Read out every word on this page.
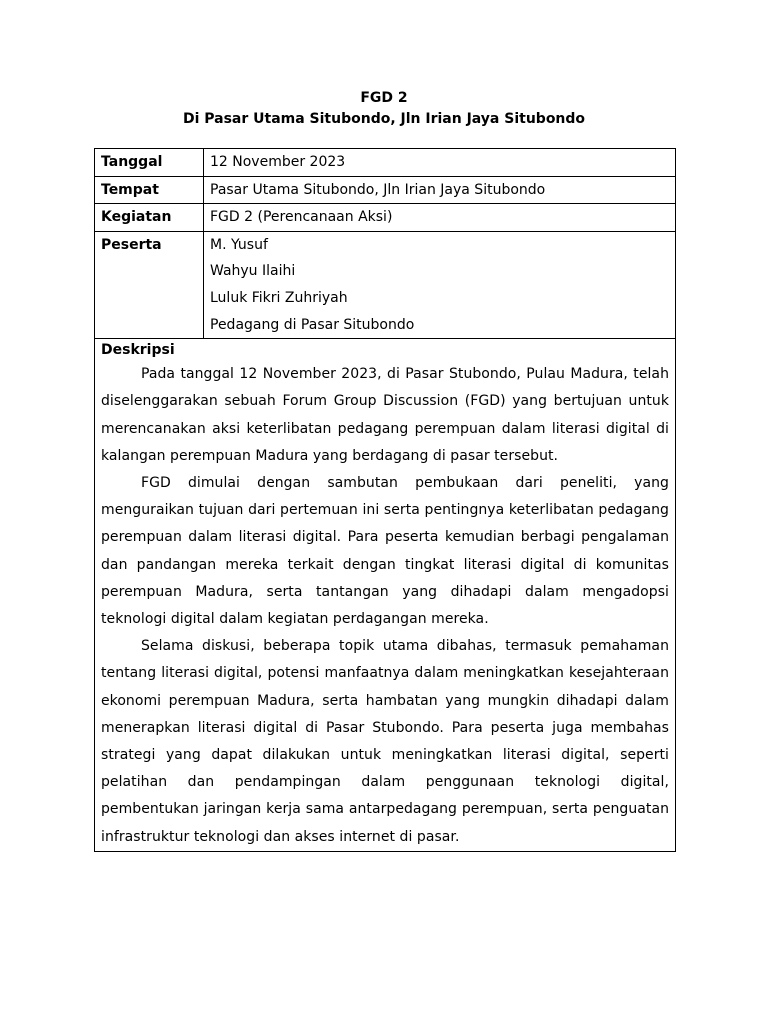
FGD 2
Di Pasar Utama Situbondo, Jln Irian Jaya Situbondo
Tanggal	12 November 2023

Tempat	Pasar Utama Situbondo, Jln Irian Jaya Situbondo

Kegiatan	FGD 2 (Perencanaan Aksi)

Peserta	M. Yusuf
Wahyu Ilaihi
Luluk Fikri Zuhriyah
Pedagang di Pasar Situbondo

Deskripsi

Pada tanggal 12 November 2023, di Pasar Stubondo, Pulau Madura, telah diselenggarakan sebuah Forum Group Discussion (FGD) yang bertujuan untuk merencanakan aksi keterlibatan pedagang perempuan dalam literasi digital di kalangan perempuan Madura yang berdagang di pasar tersebut.

FGD dimulai dengan sambutan pembukaan dari peneliti, yang menguraikan tujuan dari pertemuan ini serta pentingnya keterlibatan pedagang perempuan dalam literasi digital. Para peserta kemudian berbagi pengalaman dan pandangan mereka terkait dengan tingkat literasi digital di komunitas perempuan Madura, serta tantangan yang dihadapi dalam mengadopsi teknologi digital dalam kegiatan perdagangan mereka.

Selama diskusi, beberapa topik utama dibahas, termasuk pemahaman tentang literasi digital, potensi manfaatnya dalam meningkatkan kesejahteraan ekonomi perempuan Madura, serta hambatan yang mungkin dihadapi dalam menerapkan literasi digital di Pasar Stubondo. Para peserta juga membahas strategi yang dapat dilakukan untuk meningkatkan literasi digital, seperti pelatihan dan pendampingan dalam penggunaan teknologi digital, pembentukan jaringan kerja sama antarpedagang perempuan, serta penguatan infrastruktur teknologi dan akses internet di pasar.	
